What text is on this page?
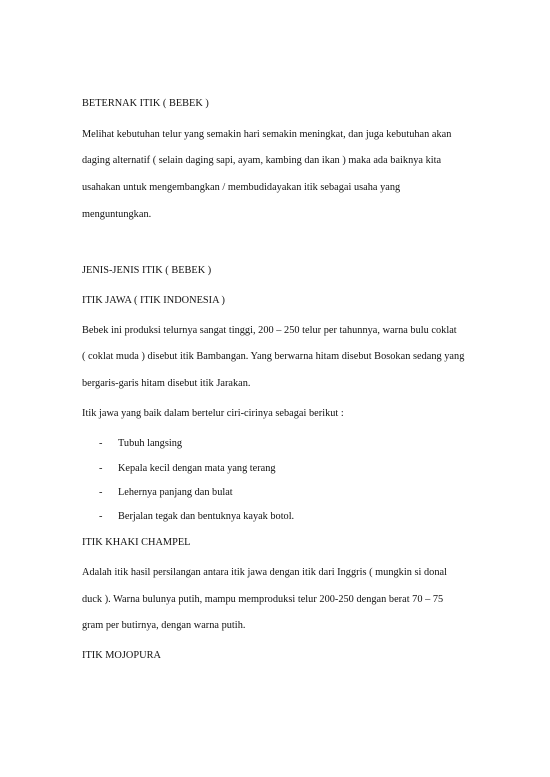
BETERNAK ITIK ( BEBEK )
Melihat kebutuhan telur yang semakin hari semakin meningkat, dan juga kebutuhan akan
daging alternatif ( selain daging sapi, ayam, kambing dan ikan ) maka ada baiknya kita
usahakan untuk mengembangkan / membudidayakan itik sebagai usaha yang
menguntungkan.
JENIS-JENIS ITIK ( BEBEK )
ITIK JAWA ( ITIK INDONESIA )
Bebek ini produksi telurnya sangat tinggi, 200 – 250 telur per tahunnya, warna bulu coklat
( coklat muda ) disebut itik Bambangan. Yang berwarna hitam disebut Bosokan sedang yang
bergaris-garis hitam disebut itik Jarakan.
Itik jawa yang baik dalam bertelur ciri-cirinya sebagai berikut :
- Tubuh langsing
- Kepala kecil dengan mata yang terang
- Lehernya panjang dan bulat
- Berjalan tegak dan bentuknya kayak botol.
ITIK KHAKI CHAMPEL
Adalah itik hasil persilangan antara itik jawa dengan itik dari Inggris ( mungkin si donal
duck ). Warna bulunya putih, mampu memproduksi telur 200-250 dengan berat 70 – 75
gram per butirnya, dengan warna putih.
ITIK MOJOPURA
